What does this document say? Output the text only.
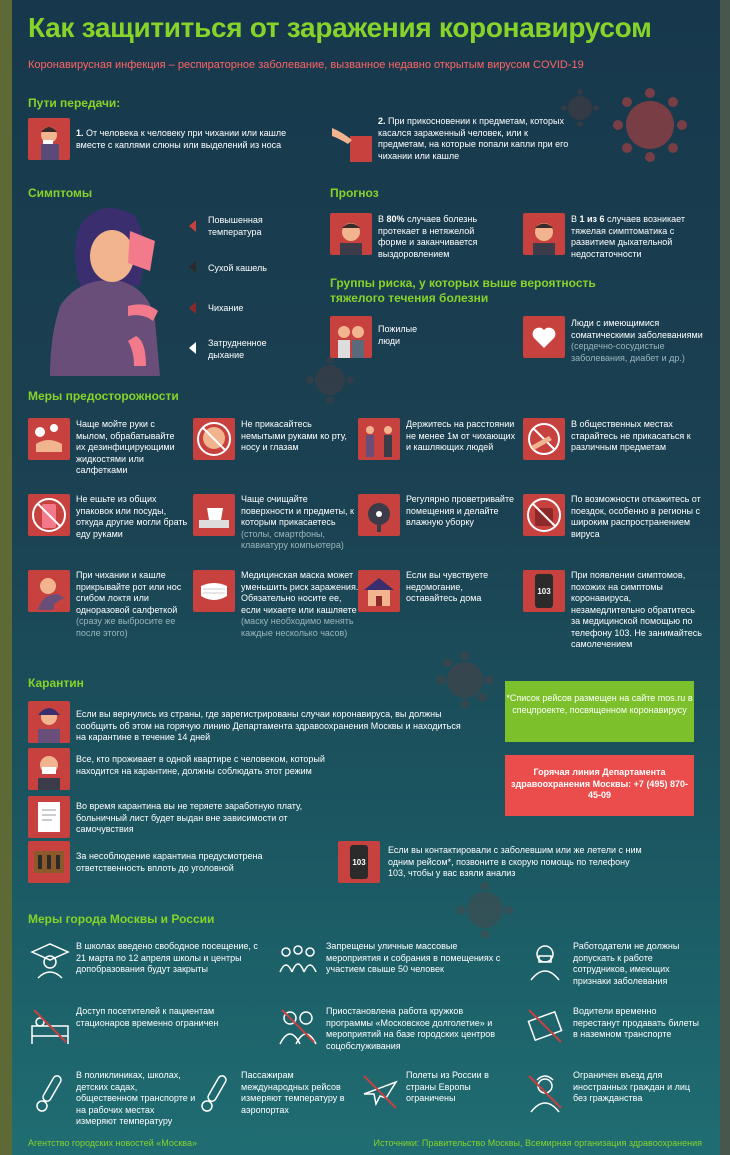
Как защититься от заражения коронавирусом
Коронавирусная инфекция – респираторное заболевание, вызванное недавно открытым вирусом COVID-19
Пути передачи:
1. От человека к человеку при чихании или кашле вместе с каплями слюны или выделений из носа
2. При прикосновении к предметам, которых касался зараженный человек, или к предметам, на которые попали капли при его чихании или кашле
Симптомы
Повышенная температура
Сухой кашель
Чихание
Затрудненное дыхание
Прогноз
В 80% случаев болезнь протекает в нетяжелой форме и заканчивается выздоровлением
В 1 из 6 случаев возникает тяжелая симптоматика с развитием дыхательной недостаточности
Группы риска, у которых выше вероятность тяжелого течения болезни
Пожилые люди
Люди с имеющимися соматическими заболеваниями
(сердечно-сосудистые заболевания, диабет и др.)
Меры предосторожности
Чаще мойте руки с мылом, обрабатывайте их дезинфицирующими жидкостями или салфетками
Не прикасайтесь немытыми руками ко рту, носу и глазам
Держитесь на расстоянии не менее 1м от чихающих и кашляющих людей
В общественных местах старайтесь не прикасаться к различным предметам
Не ешьте из общих упаковок или посуды, откуда другие могли брать еду руками
Чаще очищайте поверхности и предметы, к которым прикасаетесь
(столы, смартфоны, клавиатуру компьютера)
Регулярно проветривайте помещения и делайте влажную уборку
По возможности откажитесь от поездок, особенно в регионы с широким распространением вируса
При чихании и кашле прикрывайте рот или нос сгибом локтя или одноразовой салфеткой
(сразу же выбросите ее после этого)
Медицинская маска может уменьшить риск заражения. Обязательно носите ее, если чихаете или кашляете
(маску необходимо менять каждые несколько часов)
Если вы чувствуете недомогание, оставайтесь дома
103
При появлении симптомов, похожих на симптомы коронавируса, незамедлительно обратитесь за медицинской помощью по телефону 103. Не занимайтесь самолечением
Карантин
Если вы вернулись из страны, где зарегистрированы случаи коронавируса, вы должны сообщить об этом на горячую линию Департамента здравоохранения Москвы и находиться на карантине в течение 14 дней
Все, кто проживает в одной квартире с человеком, который находится на карантине, должны соблюдать этот режим
Во время карантина вы не теряете заработную плату, больничный лист будет выдан вне зависимости от самочувствия
За несоблюдение карантина предусмотрена ответственность вплоть до уголовной	103
Если вы контактировали с заболевшим или же летели с ним одним рейсом*, позвоните в скорую помощь по телефону 103, чтобы у вас взяли анализ
*Список рейсов размещен на сайте mos.ru в спецпроекте, посвященном коронавирусу
Горячая линия Департамента здравоохранения Москвы: +7 (495) 870-45-09
Меры города Москвы и России
В школах введено свободное посещение, с 21 марта по 12 апреля школы и центры допобразования будут закрыты
Запрещены уличные массовые мероприятия и собрания в помещениях с участием свыше 50 человек
Работодатели не должны допускать к работе сотрудников, имеющих признаки заболевания
Доступ посетителей к пациентам стационаров временно ограничен
Приостановлена работа кружков программы «Московское долголетие» и мероприятий на базе городских центров соцобслуживания
Водители временно перестанут продавать билеты в наземном транспорте
В поликлиниках, школах, детских садах, общественном транспорте и на рабочих местах измеряют температуру
Пассажирам международных рейсов измеряют температуру в аэропортах
Полеты из России в страны Европы ограничены
Ограничен въезд для иностранных граждан и лиц без гражданства
Агентство городских новостей «Москва»	Источники: Правительство Москвы, Всемирная организация здравоохранения
